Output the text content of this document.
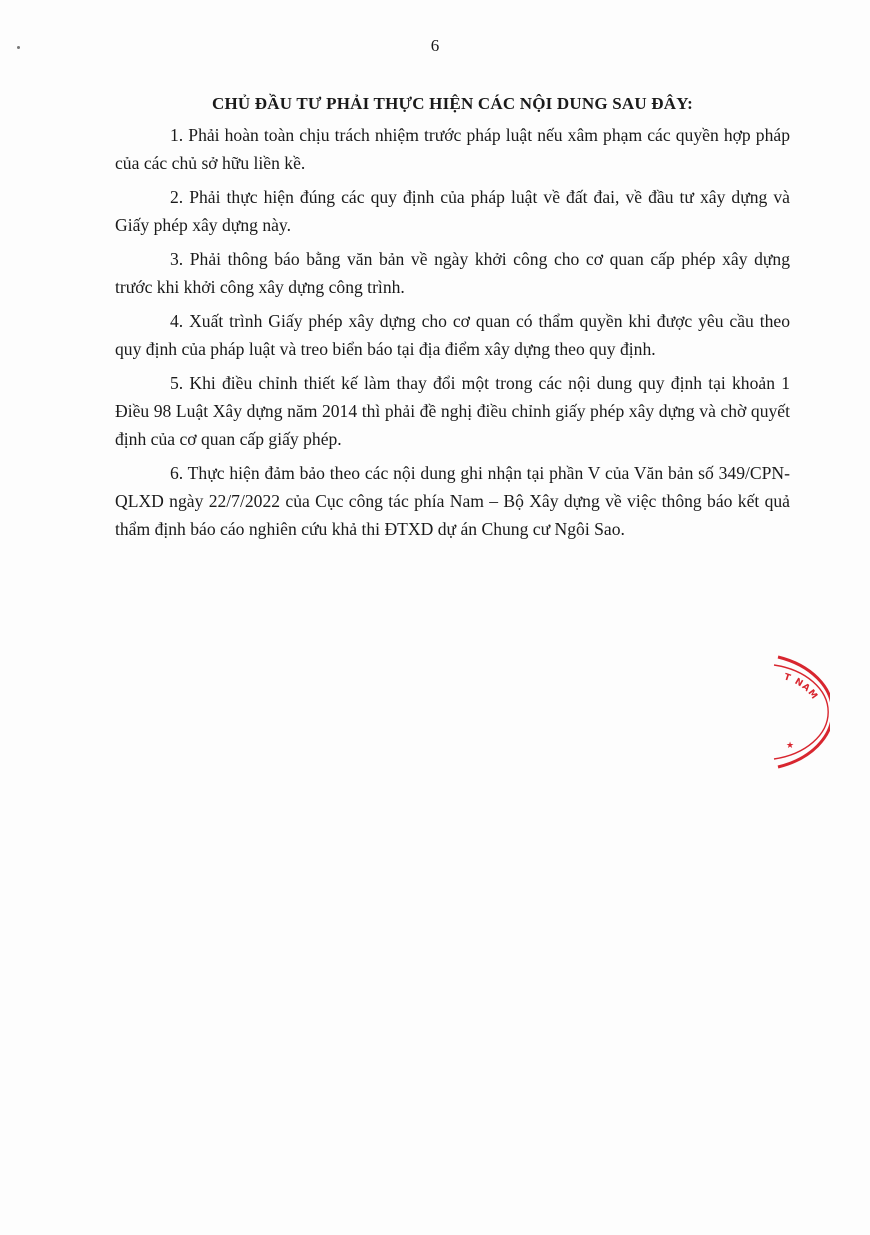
6
CHỦ ĐẦU TƯ PHẢI THỰC HIỆN CÁC NỘI DUNG SAU ĐÂY:

1. Phải hoàn toàn chịu trách nhiệm trước pháp luật nếu xâm phạm các quyền hợp pháp của các chủ sở hữu liền kề.

2. Phải thực hiện đúng các quy định của pháp luật về đất đai, về đầu tư xây dựng và Giấy phép xây dựng này.

3. Phải thông báo bằng văn bản về ngày khởi công cho cơ quan cấp phép xây dựng trước khi khởi công xây dựng công trình.

4. Xuất trình Giấy phép xây dựng cho cơ quan có thẩm quyền khi được yêu cầu theo quy định của pháp luật và treo biển báo tại địa điểm xây dựng theo quy định.

5. Khi điều chỉnh thiết kế làm thay đổi một trong các nội dung quy định tại khoản 1 Điều 98 Luật Xây dựng năm 2014 thì phải đề nghị điều chỉnh giấy phép xây dựng và chờ quyết định của cơ quan cấp giấy phép.

6. Thực hiện đảm bảo theo các nội dung ghi nhận tại phần V của Văn bản số 349/CPN-QLXD ngày 22/7/2022 của Cục công tác phía Nam – Bộ Xây dựng về việc thông báo kết quả thẩm định báo cáo nghiên cứu khả thi ĐTXD dự án Chung cư Ngôi Sao.

T NAM
★
